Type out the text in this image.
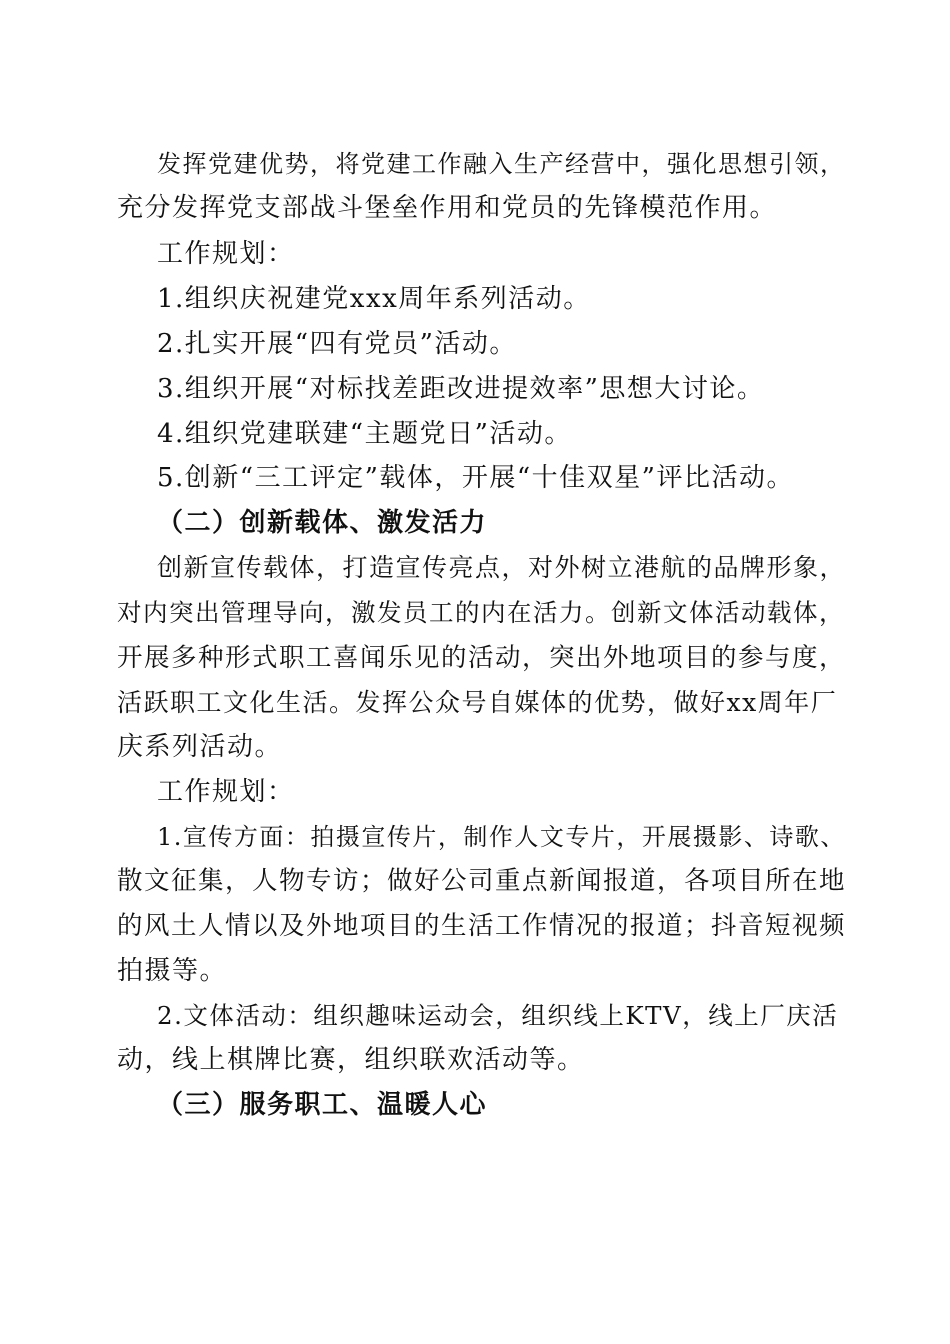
发挥党建优势，将党建工作融入生产经营中，强化思想引领，
充分发挥党支部战斗堡垒作用和党员的先锋模范作用。
工作规划：
1.组织庆祝建党xxx周年系列活动。
2.扎实开展“四有党员”活动。
3.组织开展“对标找差距改进提效率”思想大讨论。
4.组织党建联建“主题党日”活动。
5.创新“三工评定”载体，开展“十佳双星”评比活动。
（二）创新载体、激发活力
创新宣传载体，打造宣传亮点，对外树立港航的品牌形象，
对内突出管理导向，激发员工的内在活力。创新文体活动载体，
开展多种形式职工喜闻乐见的活动，突出外地项目的参与度，
活跃职工文化生活。发挥公众号自媒体的优势，做好xx周年厂
庆系列活动。
工作规划：
1.宣传方面：拍摄宣传片，制作人文专片，开展摄影、诗歌、
散文征集，人物专访；做好公司重点新闻报道，各项目所在地
的风土人情以及外地项目的生活工作情况的报道；抖音短视频
拍摄等。
2.文体活动：组织趣味运动会，组织线上KTV，线上厂庆活
动，线上棋牌比赛，组织联欢活动等。
（三）服务职工、温暖人心
